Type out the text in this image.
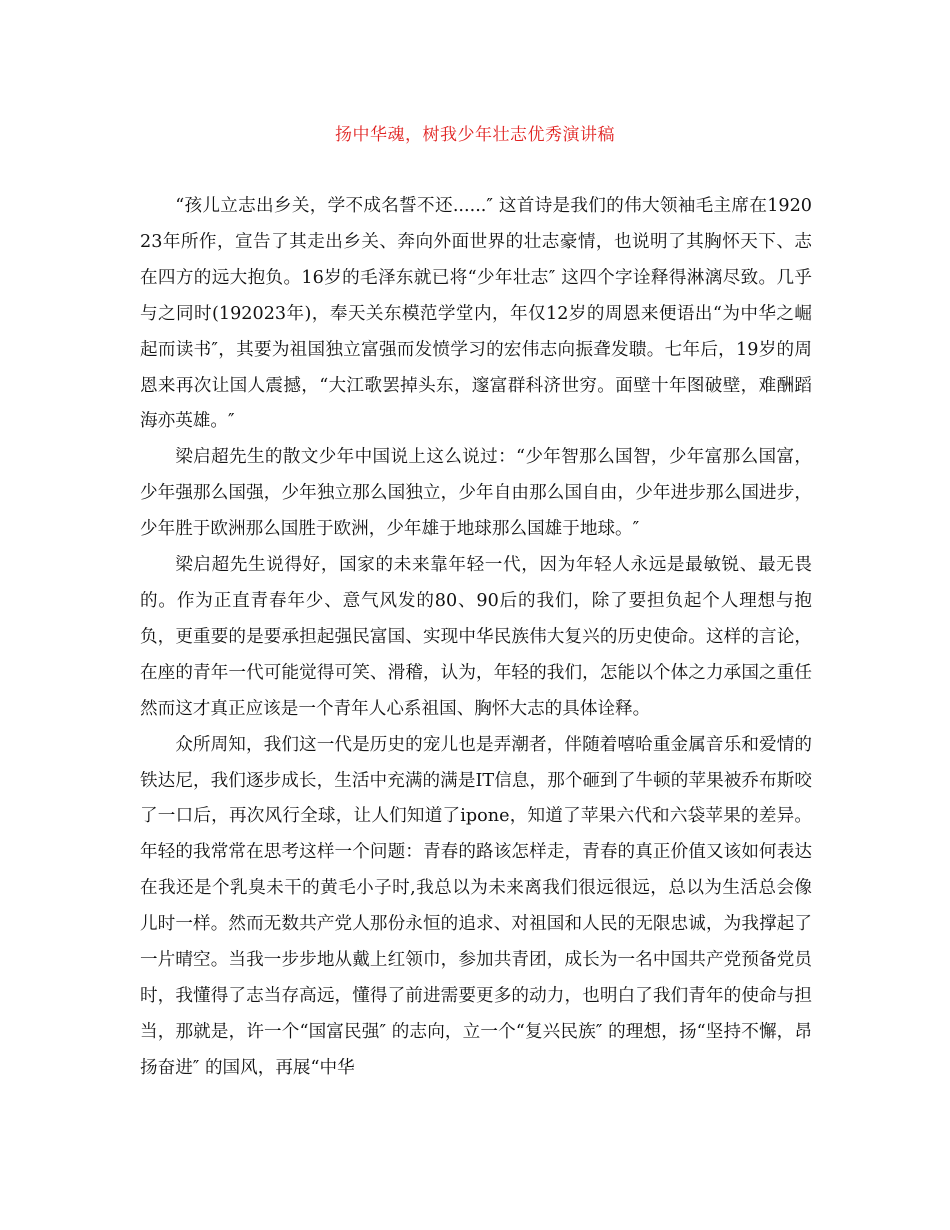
扬中华魂，树我少年壮志优秀演讲稿

“孩儿立志出乡关，学不成名誓不还......″ 这首诗是我们的伟大领袖毛主席在192023年所作，宣告了其走出乡关、奔向外面世界的壮志豪情，也说明了其胸怀天下、志在四方的远大抱负。16岁的毛泽东就已将“少年壮志″ 这四个字诠释得淋漓尽致。几乎与之同时(192023年)，奉天关东模范学堂内，年仅12岁的周恩来便语出“为中华之崛起而读书″，其要为祖国独立富强而发愤学习的宏伟志向振聋发聩。七年后，19岁的周恩来再次让国人震撼，“大江歌罢掉头东，邃富群科济世穷。面壁十年图破壁，难酬蹈海亦英雄。″

梁启超先生的散文少年中国说上这么说过：“少年智那么国智，少年富那么国富，少年强那么国强，少年独立那么国独立，少年自由那么国自由，少年进步那么国进步，少年胜于欧洲那么国胜于欧洲，少年雄于地球那么国雄于地球。″

梁启超先生说得好，国家的未来靠年轻一代，因为年轻人永远是最敏锐、最无畏的。作为正直青春年少、意气风发的80、90后的我们，除了要担负起个人理想与抱负，更重要的是要承担起强民富国、实现中华民族伟大复兴的历史使命。这样的言论，在座的青年一代可能觉得可笑、滑稽，认为，年轻的我们，怎能以个体之力承国之重任然而这才真正应该是一个青年人心系祖国、胸怀大志的具体诠释。

众所周知，我们这一代是历史的宠儿也是弄潮者，伴随着嘻哈重金属音乐和爱情的铁达尼，我们逐步成长，生活中充满的满是IT信息，那个砸到了牛顿的苹果被乔布斯咬了一口后，再次风行全球，让人们知道了ipone，知道了苹果六代和六袋苹果的差异。年轻的我常常在思考这样一个问题：青春的路该怎样走，青春的真正价值又该如何表达在我还是个乳臭未干的黄毛小子时,我总以为未来离我们很远很远，总以为生活总会像儿时一样。然而无数共产党人那份永恒的追求、对祖国和人民的无限忠诚，为我撑起了一片晴空。当我一步步地从戴上红领巾，参加共青团，成长为一名中国共产党预备党员时，我懂得了志当存高远，懂得了前进需要更多的动力，也明白了我们青年的使命与担当，那就是，许一个“国富民强″ 的志向，立一个“复兴民族″ 的理想，扬“坚持不懈，昂扬奋进″ 的国风，再展“中华
